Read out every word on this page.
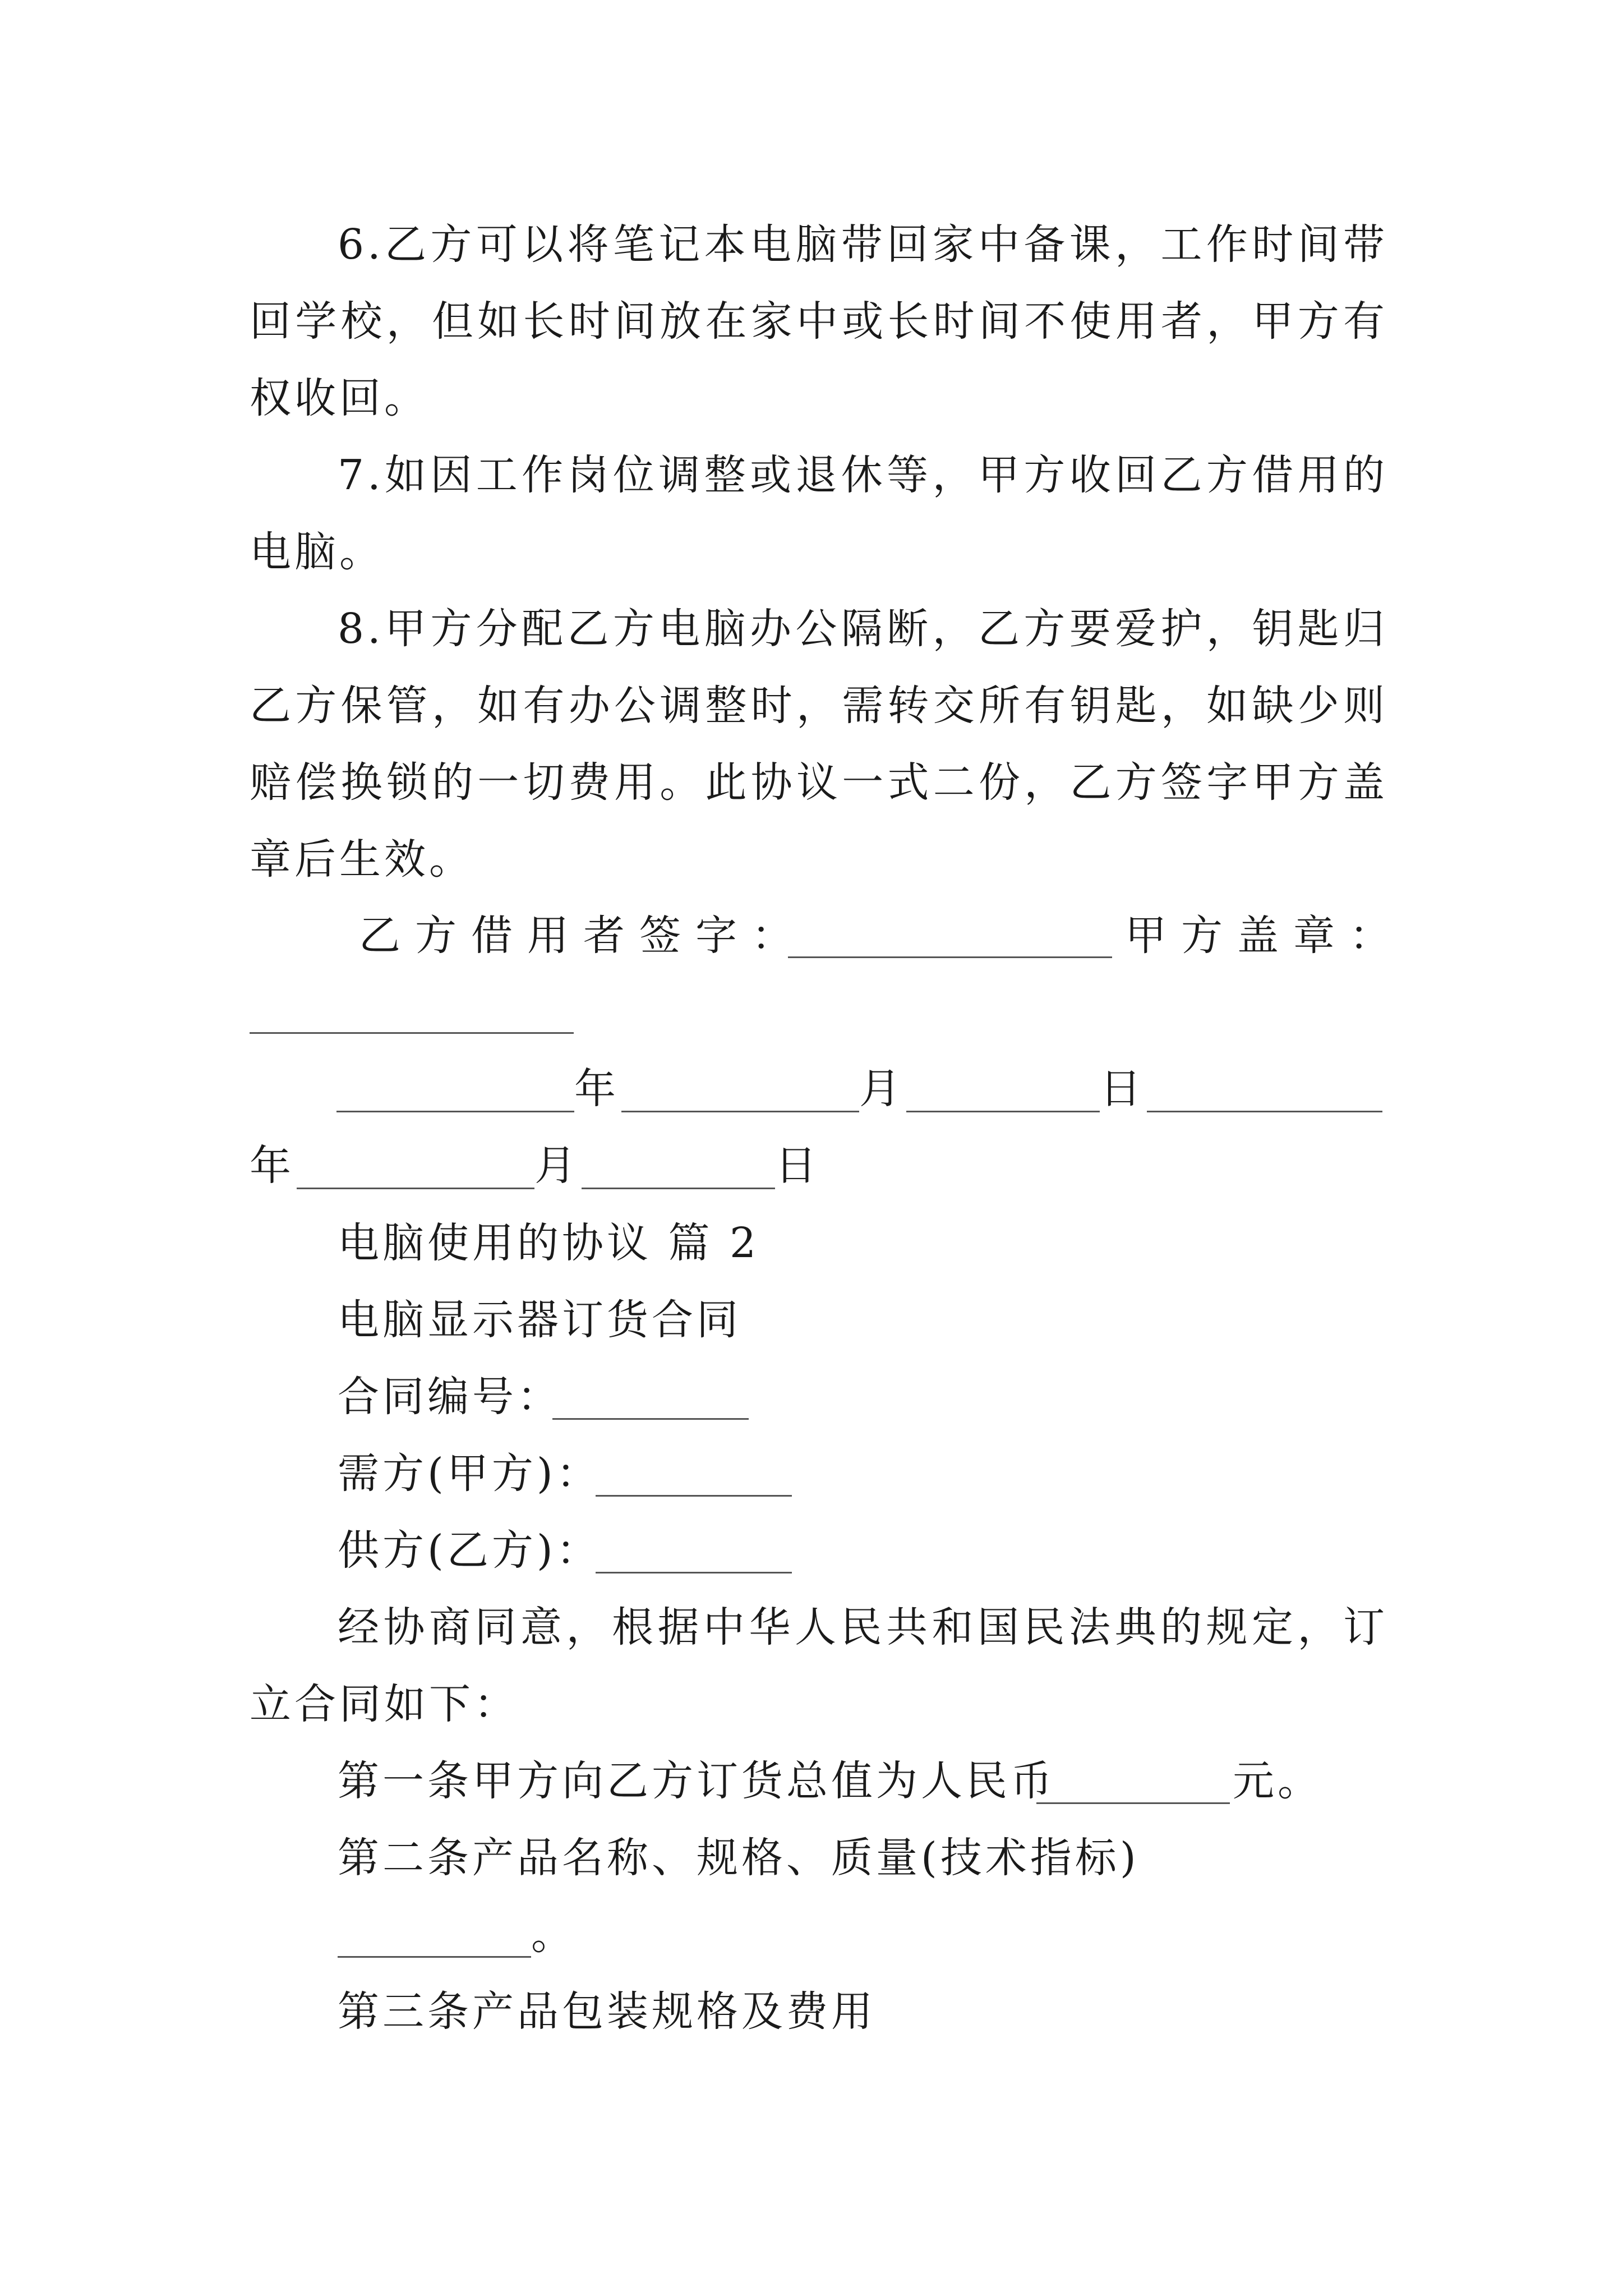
6.乙方可以将笔记本电脑带回家中备课，工作时间带回学校，但如长时间放在家中或长时间不使用者，甲方有权收回。
7.如因工作岗位调整或退休等，甲方收回乙方借用的电脑。
8.甲方分配乙方电脑办公隔断，乙方要爱护，钥匙归乙方保管，如有办公调整时，需转交所有钥匙，如缺少则赔偿换锁的一切费用。此协议一式二份，乙方签字甲方盖章后生效。
乙方借用者签字：	甲方盖章：
年	月	日
年	月	日
电脑使用的协议 篇 2
电脑显示器订货合同
合同编号：
需方(甲方)：
供方(乙方)：
经协商同意，根据中华人民共和国民法典的规定，订立合同如下：
第一条甲方向乙方订货总值为人民币	元。
第二条产品名称、规格、质量(技术指标)
。
第三条产品包装规格及费用
